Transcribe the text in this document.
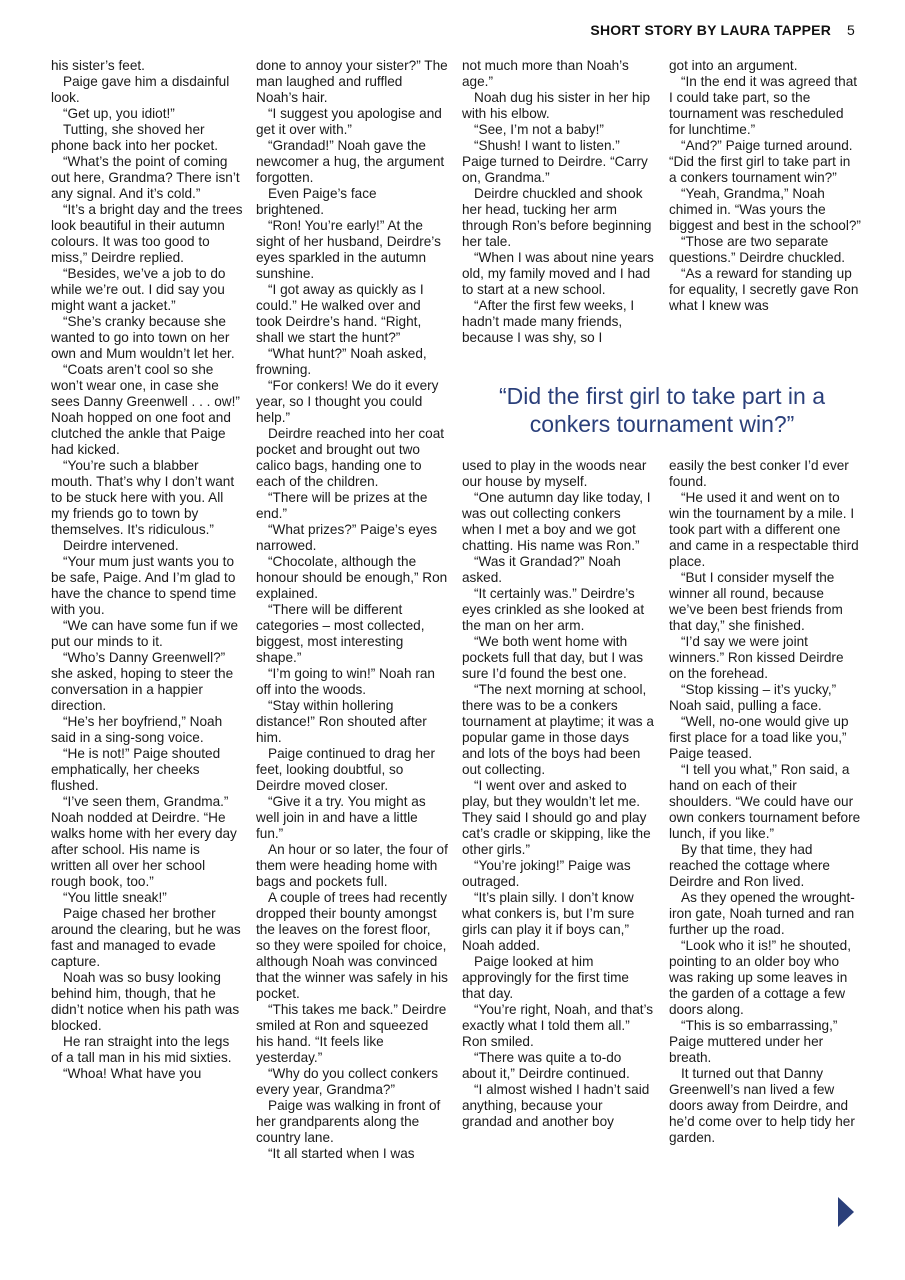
SHORT STORY BY LAURA TAPPER 5

his sister’s feet.

Paige gave him a disdainful look.

“Get up, you idiot!”

Tutting, she shoved her phone back into her pocket.

“What’s the point of coming out here, Grandma? There isn’t any signal. And it’s cold.”

“It’s a bright day and the trees look beautiful in their autumn colours. It was too good to miss,” Deirdre replied.

“Besides, we’ve a job to do while we’re out. I did say you might want a jacket.”

“She’s cranky because she wanted to go into town on her own and Mum wouldn’t let her.

“Coats aren’t cool so she won’t wear one, in case she sees Danny Greenwell . . . ow!” Noah hopped on one foot and clutched the ankle that Paige had kicked.

“You’re such a blabber mouth. That’s why I don’t want to be stuck here with you. All my friends go to town by themselves. It’s ridiculous.”

Deirdre intervened.

“Your mum just wants you to be safe, Paige. And I’m glad to have the chance to spend time with you.

“We can have some fun if we put our minds to it.

“Who’s Danny Greenwell?” she asked, hoping to steer the conversation in a happier direction.

“He’s her boyfriend,” Noah said in a sing-song voice.

“He is not!” Paige shouted emphatically, her cheeks flushed.

“I’ve seen them, Grandma.” Noah nodded at Deirdre. “He walks home with her every day after school. His name is written all over her school rough book, too.”

“You little sneak!”

Paige chased her brother around the clearing, but he was fast and managed to evade capture.

Noah was so busy looking behind him, though, that he didn’t notice when his path was blocked.

He ran straight into the legs of a tall man in his mid sixties.

“Whoa! What have you

done to annoy your sister?” The man laughed and ruffled Noah’s hair.

“I suggest you apologise and get it over with.”

“Grandad!” Noah gave the newcomer a hug, the argument forgotten.

Even Paige’s face brightened.

“Ron! You’re early!” At the sight of her husband, Deirdre’s eyes sparkled in the autumn sunshine.

“I got away as quickly as I could.” He walked over and took Deirdre’s hand. “Right, shall we start the hunt?”

“What hunt?” Noah asked, frowning.

“For conkers! We do it every year, so I thought you could help.”

Deirdre reached into her coat pocket and brought out two calico bags, handing one to each of the children.

“There will be prizes at the end.”

“What prizes?” Paige’s eyes narrowed.

“Chocolate, although the honour should be enough,” Ron explained.

“There will be different categories – most collected, biggest, most interesting shape.”

“I’m going to win!” Noah ran off into the woods.

“Stay within hollering distance!” Ron shouted after him.

Paige continued to drag her feet, looking doubtful, so Deirdre moved closer.

“Give it a try. You might as well join in and have a little fun.”

An hour or so later, the four of them were heading home with bags and pockets full.

A couple of trees had recently dropped their bounty amongst the leaves on the forest floor, so they were spoiled for choice, although Noah was convinced that the winner was safely in his pocket.

“This takes me back.” Deirdre smiled at Ron and squeezed his hand. “It feels like yesterday.”

“Why do you collect conkers every year, Grandma?”

Paige was walking in front of her grandparents along the country lane.

“It all started when I was

not much more than Noah’s age.”

Noah dug his sister in her hip with his elbow.

“See, I’m not a baby!”

“Shush! I want to listen.” Paige turned to Deirdre. “Carry on, Grandma.”

Deirdre chuckled and shook her head, tucking her arm through Ron’s before beginning her tale.

“When I was about nine years old, my family moved and I had to start at a new school.

“After the first few weeks, I hadn’t made many friends, because I was shy, so I

got into an argument.

“In the end it was agreed that I could take part, so the tournament was rescheduled for lunchtime.”

“And?” Paige turned around. “Did the first girl to take part in a conkers tournament win?”

“Yeah, Grandma,” Noah chimed in. “Was yours the biggest and best in the school?”

“Those are two separate questions.” Deirdre chuckled.

“As a reward for standing up for equality, I secretly gave Ron what I knew was

“Did the first girl to take part in a conkers tournament win?”

used to play in the woods near our house by myself.

“One autumn day like today, I was out collecting conkers when I met a boy and we got chatting. His name was Ron.”

“Was it Grandad?” Noah asked.

“It certainly was.” Deirdre’s eyes crinkled as she looked at the man on her arm.

“We both went home with pockets full that day, but I was sure I’d found the best one.

“The next morning at school, there was to be a conkers tournament at playtime; it was a popular game in those days and lots of the boys had been out collecting.

“I went over and asked to play, but they wouldn’t let me. They said I should go and play cat’s cradle or skipping, like the other girls.”

“You’re joking!” Paige was outraged.

“It’s plain silly. I don’t know what conkers is, but I’m sure girls can play it if boys can,” Noah added.

Paige looked at him approvingly for the first time that day.

“You’re right, Noah, and that’s exactly what I told them all.” Ron smiled.

“There was quite a to-do about it,” Deirdre continued.

“I almost wished I hadn’t said anything, because your grandad and another boy

easily the best conker I’d ever found.

“He used it and went on to win the tournament by a mile. I took part with a different one and came in a respectable third place.

“But I consider myself the winner all round, because we’ve been best friends from that day,” she finished.

“I’d say we were joint winners.” Ron kissed Deirdre on the forehead.

“Stop kissing – it’s yucky,” Noah said, pulling a face.

“Well, no-one would give up first place for a toad like you,” Paige teased.

“I tell you what,” Ron said, a hand on each of their shoulders. “We could have our own conkers tournament before lunch, if you like.”

By that time, they had reached the cottage where Deirdre and Ron lived.

As they opened the wrought-iron gate, Noah turned and ran further up the road.

“Look who it is!” he shouted, pointing to an older boy who was raking up some leaves in the garden of a cottage a few doors along.

“This is so embarrassing,” Paige muttered under her breath.

It turned out that Danny Greenwell’s nan lived a few doors away from Deirdre, and he’d come over to help tidy her garden.
